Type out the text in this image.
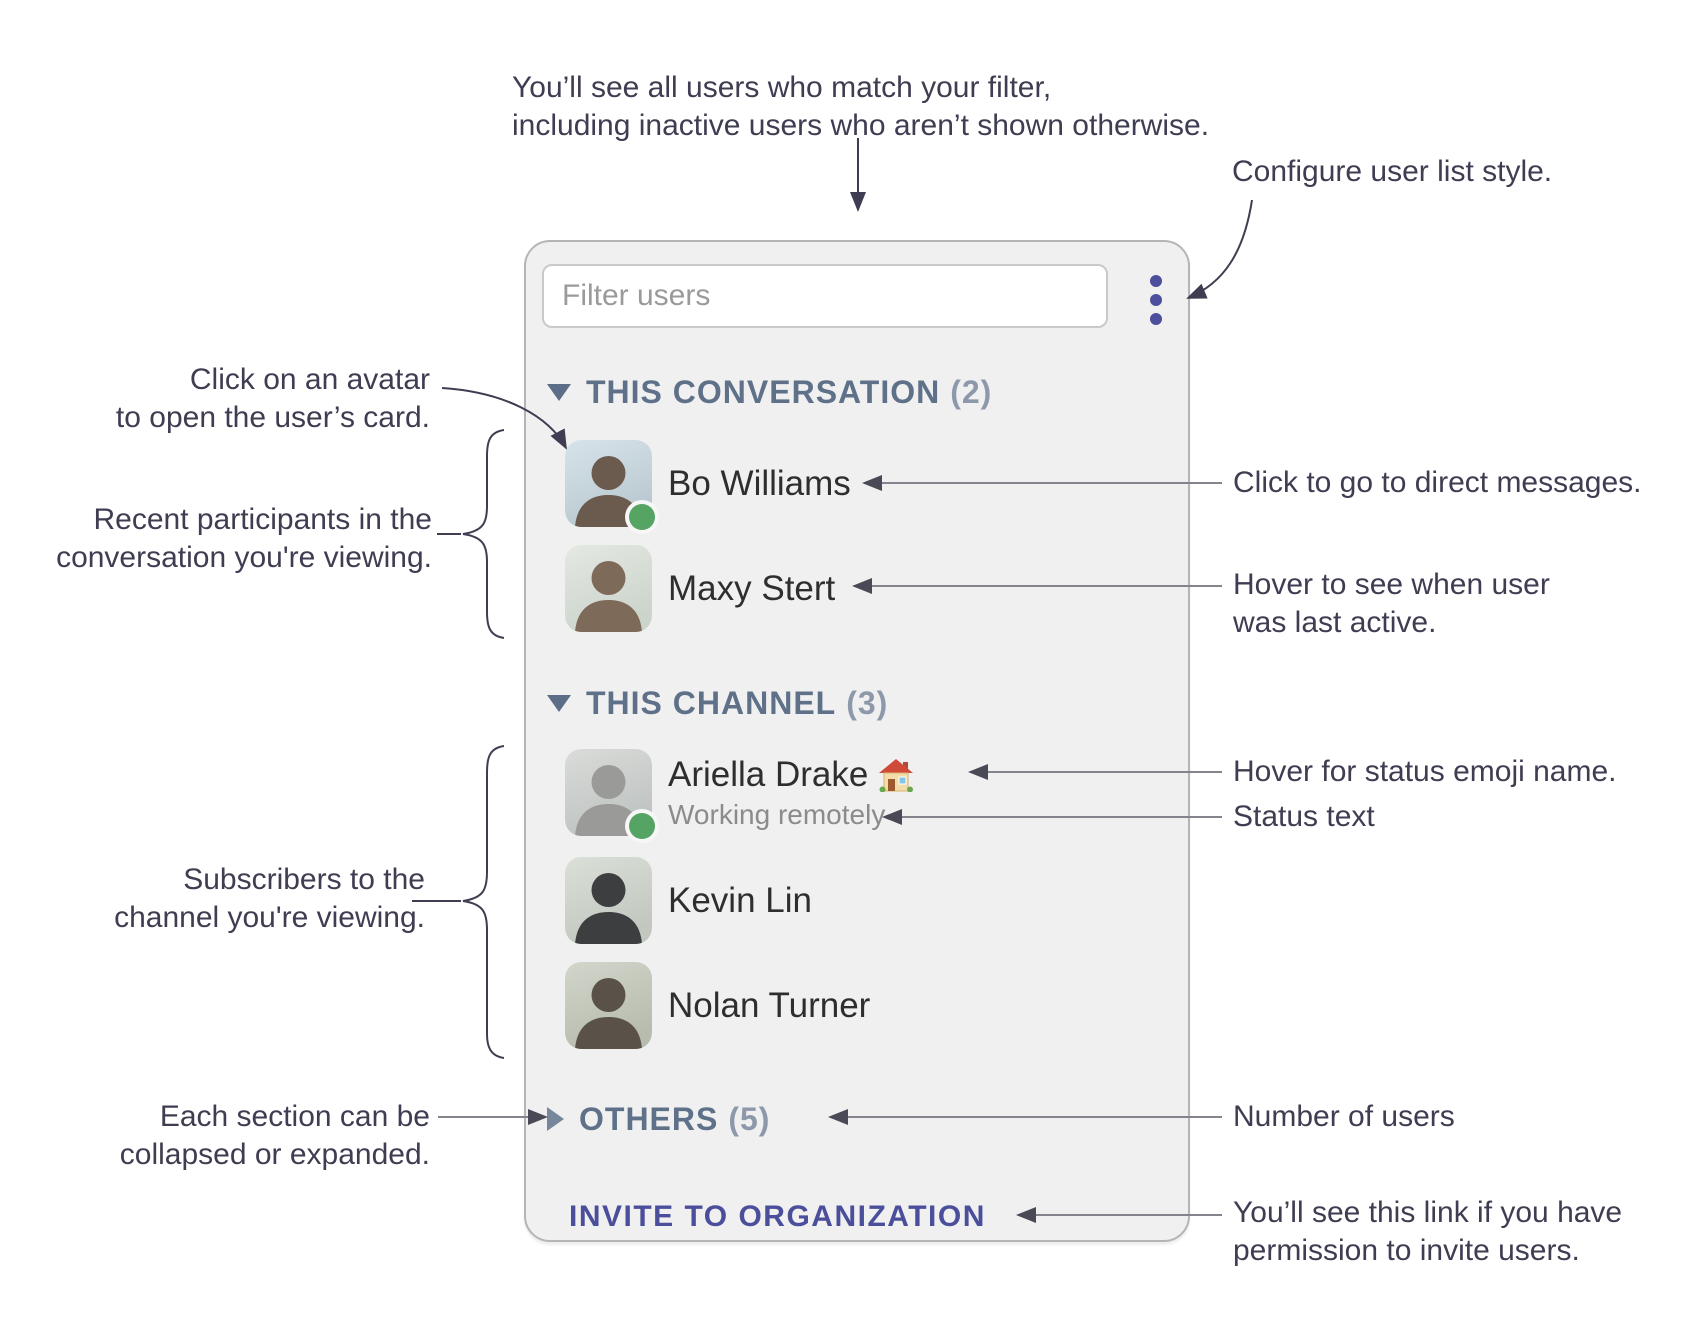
You’ll see all users who match your filter,
including inactive users who aren’t shown otherwise.
Configure user list style.
Click on an avatar
to open the user’s card.
Recent participants in the
conversation you're viewing.
Subscribers to the
channel you're viewing.
Each section can be
collapsed or expanded.
Click to go to direct messages.
Hover to see when user
was last active.
Hover for status emoji name.
Status text
Number of users
You’ll see this link if you have
permission to invite users.
Filter users
THIS CONVERSATION (2)
Bo Williams
Maxy Stert
THIS CHANNEL (3)
Ariella Drake
Working remotely
Kevin Lin
Nolan Turner
OTHERS (5)
INVITE TO ORGANIZATION
